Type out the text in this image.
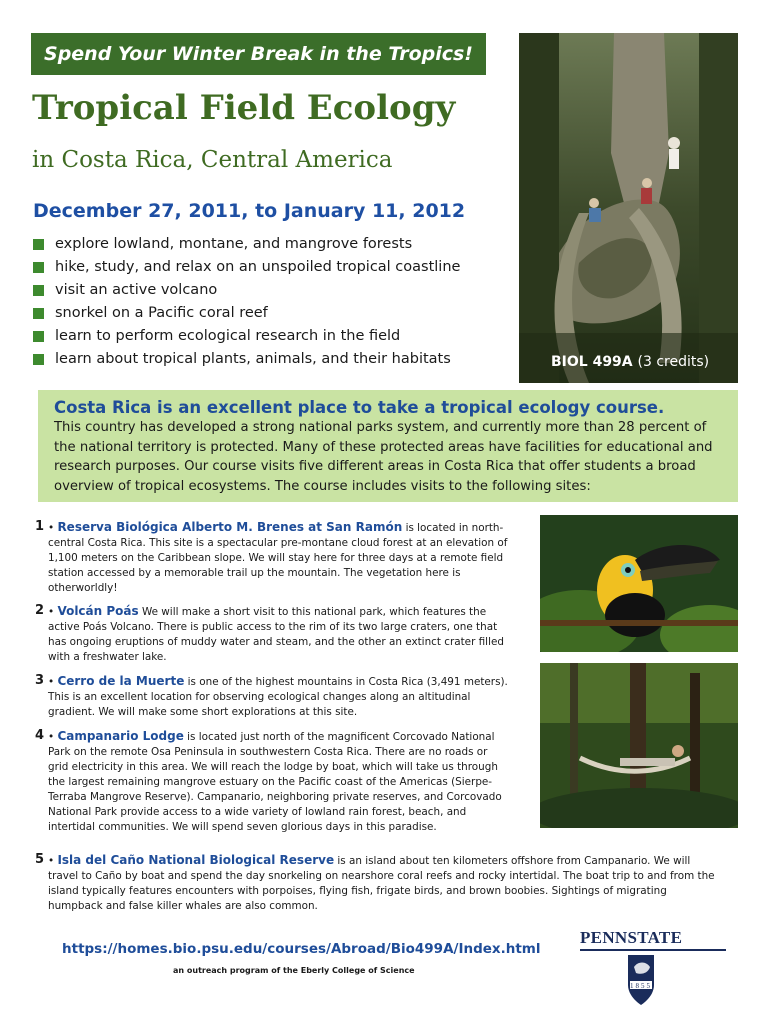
Spend Your Winter Break in the Tropics!
Tropical Field Ecology
in Costa Rica, Central America
December 27, 2011, to January 11, 2012
explore lowland, montane, and mangrove forests
hike, study, and relax on an unspoiled tropical coastline
visit an active volcano
snorkel on a Pacific coral reef
learn to perform ecological research in the field
learn about tropical plants, animals, and their habitats	BIOL 499A (3 credits)
Costa Rica is an excellent place to take a tropical ecology course.
This country has developed a strong national parks system, and currently more than 28 percent of the national territory is protected. Many of these protected areas have facilities for educational and research purposes. Our course visits five different areas in Costa Rica that offer students a broad overview of tropical ecosystems. The course includes visits to the following sites:
1 • Reserva Biológica Alberto M. Brenes at San Ramón is located in north-central Costa Rica. This site is a spectacular pre-montane cloud forest at an elevation of 1,100 meters on the Caribbean slope. We will stay here for three days at a remote field station accessed by a memorable trail up the mountain. The vegetation here is otherworldly!
2 • Volcán Poás We will make a short visit to this national park, which features the active Poás Volcano. There is public access to the rim of its two large craters, one that has ongoing eruptions of muddy water and steam, and the other an extinct crater filled with a freshwater lake.
3 • Cerro de la Muerte is one of the highest mountains in Costa Rica (3,491 meters). This is an excellent location for observing ecological changes along an altitudinal gradient. We will make some short explorations at this site.
4 • Campanario Lodge is located just north of the magnificent Corcovado National Park on the remote Osa Peninsula in southwestern Costa Rica. There are no roads or grid electricity in this area. We will reach the lodge by boat, which will take us through the largest remaining mangrove estuary on the Pacific coast of the Americas (Sierpe-Terraba Mangrove Reserve). Campanario, neighboring private reserves, and Corcovado National Park provide access to a wide variety of lowland rain forest, beach, and intertidal communities. We will spend seven glorious days in this paradise.
5 • Isla del Caño National Biological Reserve is an island about ten kilometers offshore from Campanario. We will travel to Caño by boat and spend the day snorkeling on nearshore coral reefs and rocky intertidal. The boat trip to and from the island typically features encounters with porpoises, flying fish, frigate birds, and brown boobies. Sightings of migrating humpback and false killer whales are also common.
https://homes.bio.psu.edu/courses/Abroad/Bio499A/Index.html
an outreach program of the Eberly College of Science
PENNSTATE
1855
